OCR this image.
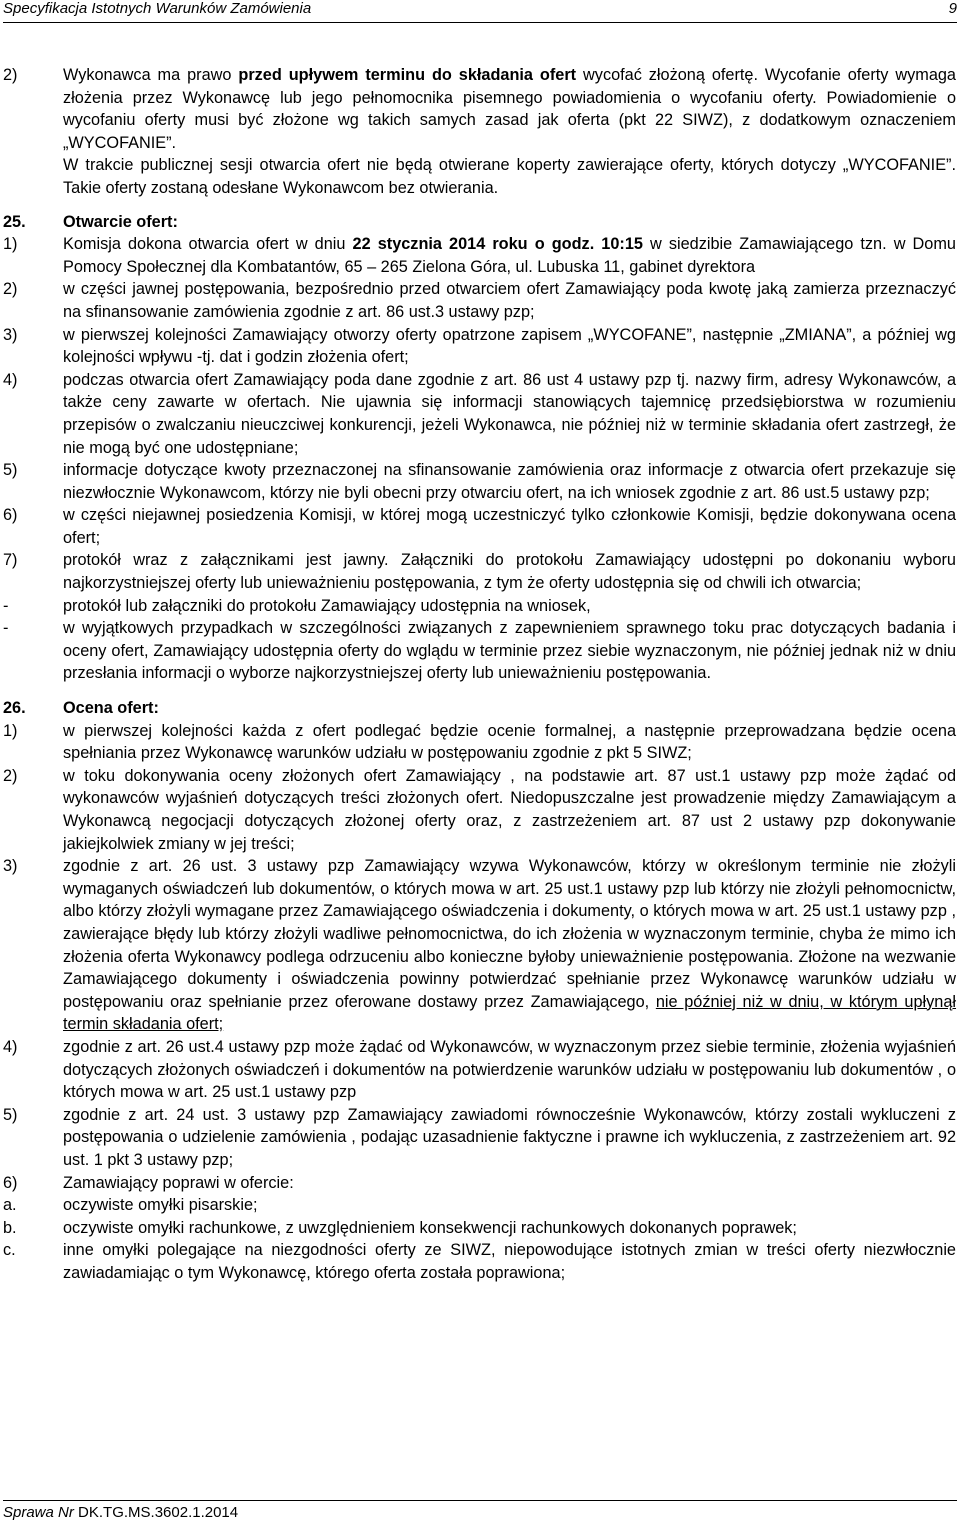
Specyfikacja Istotnych Warunków Zamówienia	9
2)	Wykonawca ma prawo przed upływem terminu do składania ofert wycofać złożoną ofertę. Wycofanie oferty wymaga złożenia przez Wykonawcę lub jego pełnomocnika pisemnego powiadomienia o wycofaniu oferty. Powiadomienie o wycofaniu oferty musi być złożone wg takich samych zasad jak oferta (pkt 22 SIWZ), z dodatkowym oznaczeniem „WYCOFANIE”.
W trakcie publicznej sesji otwarcia ofert nie będą otwierane koperty zawierające oferty, których dotyczy „WYCOFANIE”. Takie oferty zostaną odesłane Wykonawcom bez otwierania.
25.	Otwarcie ofert:
1)	Komisja dokona otwarcia ofert w dniu 22 stycznia 2014 roku o godz. 10:15 w siedzibie Zamawiającego tzn. w Domu Pomocy Społecznej dla Kombatantów, 65 – 265 Zielona Góra, ul. Lubuska 11, gabinet dyrektora
2)	w części jawnej postępowania, bezpośrednio przed otwarciem ofert Zamawiający poda kwotę jaką zamierza przeznaczyć na sfinansowanie zamówienia zgodnie z art. 86 ust.3 ustawy pzp;
3)	w pierwszej kolejności Zamawiający otworzy oferty opatrzone zapisem „WYCOFANE”, następnie „ZMIANA”, a później wg kolejności wpływu -tj. dat i godzin złożenia ofert;
4)	podczas otwarcia ofert Zamawiający poda dane zgodnie z art. 86 ust 4 ustawy pzp tj. nazwy firm, adresy Wykonawców, a także ceny zawarte w ofertach. Nie ujawnia się informacji stanowiących tajemnicę przedsiębiorstwa w rozumieniu przepisów o zwalczaniu nieuczciwej konkurencji, jeżeli Wykonawca, nie później niż w terminie składania ofert zastrzegł, że nie mogą być one udostępniane;
5)	informacje dotyczące kwoty przeznaczonej na sfinansowanie zamówienia oraz informacje z otwarcia ofert przekazuje się niezwłocznie Wykonawcom, którzy nie byli obecni przy otwarciu ofert, na ich wniosek zgodnie z art. 86 ust.5 ustawy pzp;
6)	w części niejawnej posiedzenia Komisji, w której mogą uczestniczyć tylko członkowie Komisji, będzie dokonywana ocena ofert;
7)	protokół wraz z załącznikami jest jawny. Załączniki do protokołu Zamawiający udostępni po dokonaniu wyboru najkorzystniejszej oferty lub unieważnieniu postępowania, z tym że oferty udostępnia się od chwili ich otwarcia;
-	protokół lub załączniki do protokołu Zamawiający udostępnia na wniosek,
-	w wyjątkowych przypadkach w szczególności związanych z zapewnieniem sprawnego toku prac dotyczących badania i oceny ofert, Zamawiający udostępnia oferty do wglądu w terminie przez siebie wyznaczonym, nie później jednak niż w dniu przesłania informacji o wyborze najkorzystniejszej oferty lub unieważnieniu postępowania.
26.	Ocena ofert:
1)	w pierwszej kolejności każda z ofert podlegać będzie ocenie formalnej, a następnie przeprowadzana będzie ocena spełniania przez Wykonawcę warunków udziału w postępowaniu zgodnie z pkt 5 SIWZ;
2)	w toku dokonywania oceny złożonych ofert Zamawiający , na podstawie art. 87 ust.1 ustawy pzp może żądać od wykonawców wyjaśnień dotyczących treści złożonych ofert. Niedopuszczalne jest prowadzenie między Zamawiającym a Wykonawcą negocjacji dotyczących złożonej oferty oraz, z zastrzeżeniem art. 87 ust 2 ustawy pzp dokonywanie jakiejkolwiek zmiany w jej treści;
3)	zgodnie z art. 26 ust. 3 ustawy pzp Zamawiający wzywa Wykonawców, którzy w określonym terminie nie złożyli wymaganych oświadczeń lub dokumentów, o których mowa w art. 25 ust.1 ustawy pzp lub którzy nie złożyli pełnomocnictw, albo którzy złożyli wymagane przez Zamawiającego oświadczenia i dokumenty, o których mowa w art. 25 ust.1 ustawy pzp , zawierające błędy lub którzy złożyli wadliwe pełnomocnictwa, do ich złożenia w wyznaczonym terminie, chyba że mimo ich złożenia oferta Wykonawcy podlega odrzuceniu albo konieczne byłoby unieważnienie postępowania. Złożone na wezwanie Zamawiającego dokumenty i oświadczenia powinny potwierdzać spełnianie przez Wykonawcę warunków udziału w postępowaniu oraz spełnianie przez oferowane dostawy przez Zamawiającego, nie później niż w dniu, w którym upłynął termin składania ofert;
4)	zgodnie z art. 26 ust.4 ustawy pzp może żądać od Wykonawców, w wyznaczonym przez siebie terminie, złożenia wyjaśnień dotyczących złożonych oświadczeń i dokumentów na potwierdzenie warunków udziału w postępowaniu lub dokumentów , o których mowa w art. 25 ust.1 ustawy pzp
5)	zgodnie z art. 24 ust. 3 ustawy pzp Zamawiający zawiadomi równocześnie Wykonawców, którzy zostali wykluczeni z postępowania o udzielenie zamówienia , podając uzasadnienie faktyczne i prawne ich wykluczenia, z zastrzeżeniem art. 92 ust. 1 pkt 3 ustawy pzp;
6)	Zamawiający poprawi w ofercie:
a.	oczywiste omyłki pisarskie;
b.	oczywiste omyłki rachunkowe, z uwzględnieniem konsekwencji rachunkowych dokonanych poprawek;
c.	inne omyłki polegające na niezgodności oferty ze SIWZ, niepowodujące istotnych zmian w treści oferty niezwłocznie zawiadamiając o tym Wykonawcę, którego oferta została poprawiona;
Sprawa Nr DK.TG.MS.3602.1.2014
